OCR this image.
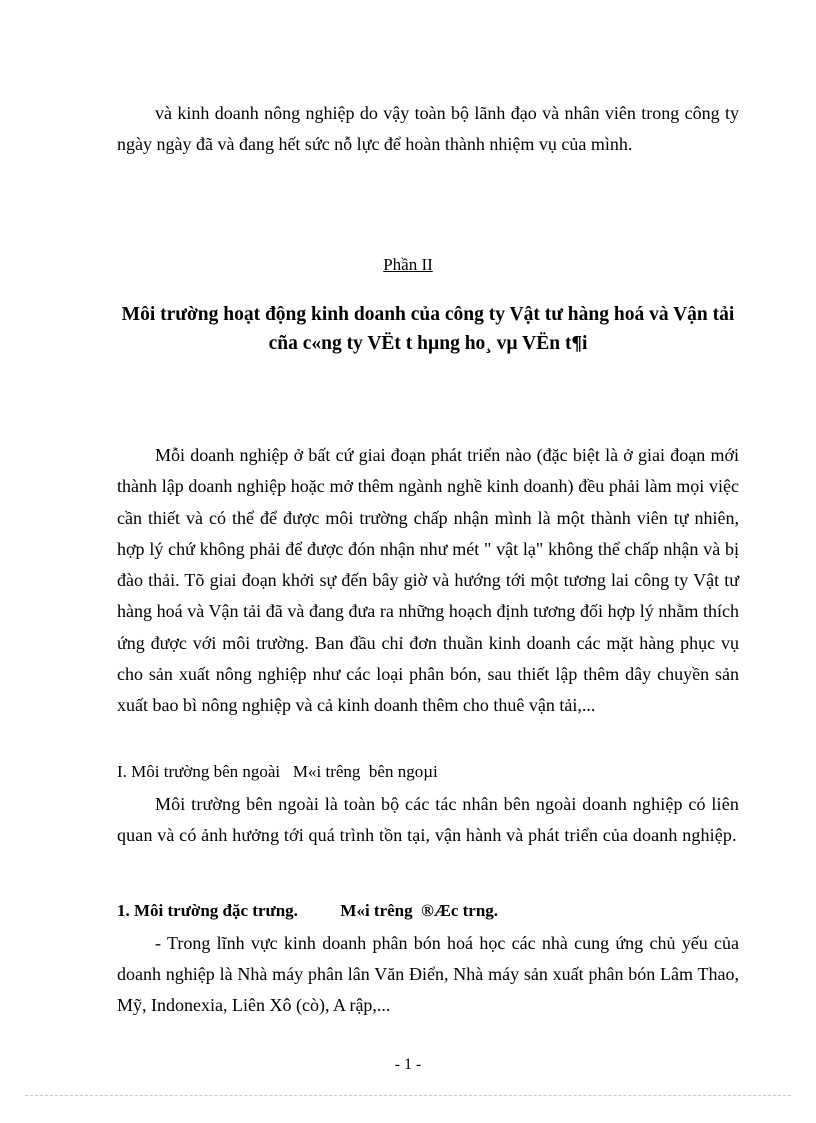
và kinh doanh nông nghiệp do vậy toàn bộ lãnh đạo và nhân viên trong công ty ngày ngày đã và đang hết sức nỗ lực để hoàn thành nhiệm vụ của mình.
Phần II
Môi trường hoạt động kinh doanh của công ty Vật tư hàng hoá và Vận tải
cña c«ng ty VËt t hµng ho¸ vµ VËn t¶i
Mỗi doanh nghiệp ở bất cứ giai đoạn phát triển nào (đặc biệt là ở giai đoạn mới thành lập doanh nghiệp hoặc mở thêm ngành nghề kinh doanh) đều phải làm mọi việc cần thiết và có thể để được môi trường chấp nhận mình là một thành viên tự nhiên, hợp lý chứ không phải để được đón nhận như mét " vật lạ" không thể chấp nhận và bị đào thải. Tõ giai đoạn khởi sự đến bây giờ và hướng tới một tương lai công ty Vật tư hàng hoá và Vận tải đã và đang đưa ra những hoạch định tương đối hợp lý nhằm thích ứng được với môi trường. Ban đầu chỉ đơn thuần kinh doanh các mặt hàng phục vụ cho sản xuất nông nghiệp như các loại phân bón, sau thiết lập thêm dây chuyền sản xuất bao bì nông nghiệp và cả kinh doanh thêm cho thuê vận tải,...
I. Môi trường bên ngoài   M«i trêng  bên ngoµi
Môi trường bên ngoài là toàn bộ các tác nhân bên ngoài doanh nghiệp có liên quan và có ảnh hưởng tới quá trình tồn tại, vận hành và phát triển của doanh nghiệp.
1. Môi trường đặc trưng.          M«i trêng  ®Æc trng.
- Trong lĩnh vực kinh doanh phân bón hoá học các nhà cung ứng chủ yếu của doanh nghiệp là Nhà máy phân lân Văn Điển, Nhà máy sản xuất phân bón Lâm Thao, Mỹ, Indonexia, Liên Xô (cò), A rập,...
- 1 -
